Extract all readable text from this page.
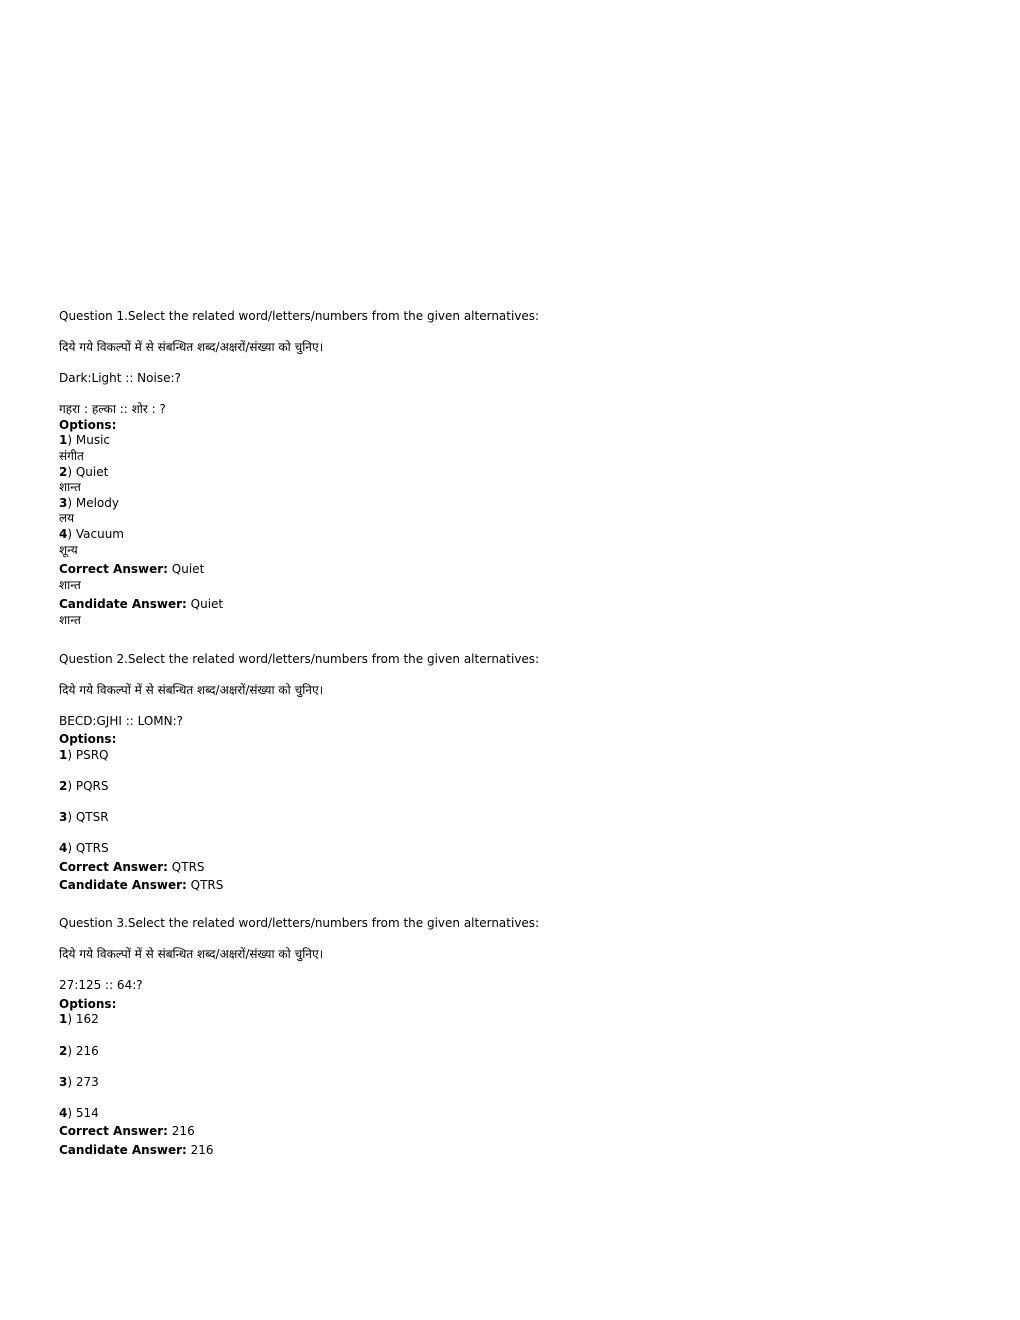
Question 1.Select the related word/letters/numbers from the given alternatives:
दिये गये विकल्पों में से संबन्धित शब्द/अक्षरों/संख्या को चुनिए।
Dark:Light :: Noise:?
गहरा : हल्का :: शोर : ?
Options:
1) Music
संगीत
2) Quiet
शान्त
3) Melody
लय
4) Vacuum
शून्य
Correct Answer: Quiet
शान्त
Candidate Answer: Quiet
शान्त
Question 2.Select the related word/letters/numbers from the given alternatives:
दिये गये विकल्पों में से संबन्धित शब्द/अक्षरों/संख्या को चुनिए।
BECD:GJHI :: LOMN:?
Options:
1) PSRQ
2) PQRS
3) QTSR
4) QTRS
Correct Answer: QTRS
Candidate Answer: QTRS
Question 3.Select the related word/letters/numbers from the given alternatives:
दिये गये विकल्पों में से संबन्धित शब्द/अक्षरों/संख्या को चुनिए।
27:125 :: 64:?
Options:
1) 162
2) 216
3) 273
4) 514
Correct Answer: 216
Candidate Answer: 216
